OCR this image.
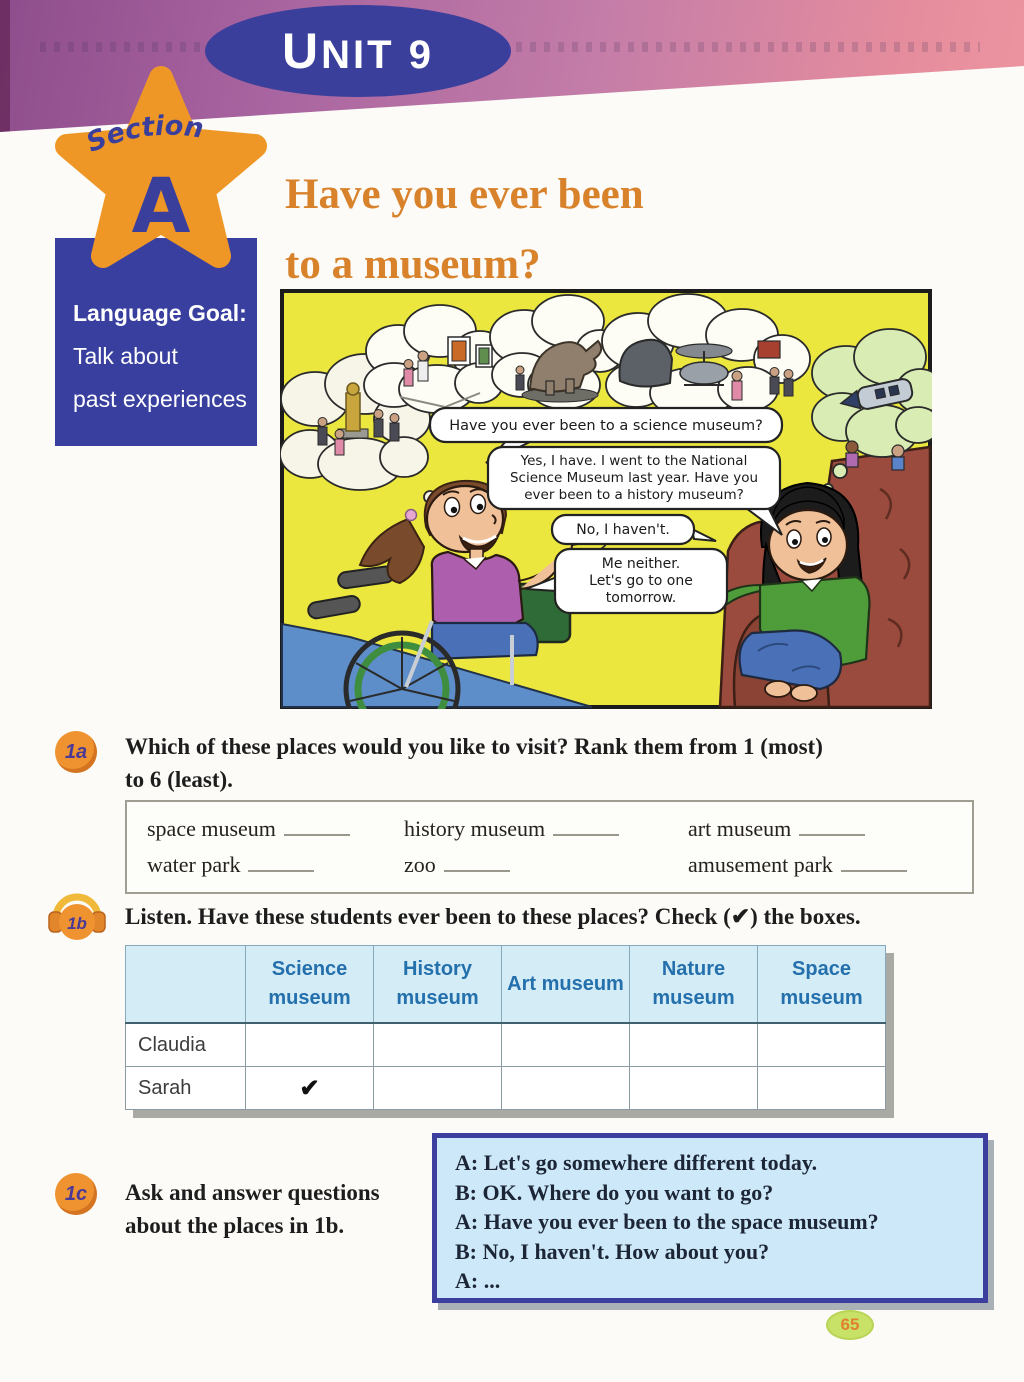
UNIT 9
Section
A
Language Goal:
Talk about
past experiences
Have you ever been
to a museum?
Have you ever been to a science museum?
Yes, I have. I went to the National
Science Museum last year. Have you
ever been to a history museum?
No, I haven't.
Me neither.
Let's go to one
tomorrow.
1a Which of these places would you like to visit? Rank them from 1 (most)
to 6 (least).
space museum	history museum	art museum
water park	zoo	amusement park
1b Listen. Have these students ever been to these places? Check (✔) the boxes.
	Science museum	History museum	Art museum	Nature museum	Space museum
Claudia					
Sarah	✔				
1c Ask and answer questions
about the places in 1b.
A: Let's go somewhere different today.
B: OK. Where do you want to go?
A: Have you ever been to the space museum?
B: No, I haven't. How about you?
A: ...
65
